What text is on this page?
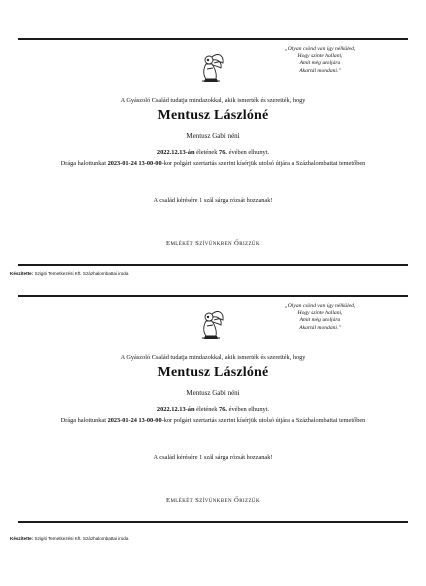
„Olyan csönd van így nélküled,
Hogy szinte hallani,
Amit még utoljára
Akartál mondani."
A Gyászoló Család tudatja mindazokkal, akik ismerték és szerették, hogy
Mentusz Lászlóné
Mentusz Gabi néni
2022.12.13-án életének 76. évében elhunyt.
Drága halottunkat 2023-01-24 13-00-00-kor polgári szertartás szerint kísérjük utolsó útjára a Százhalombattai temetőben
A család kérésére 1 szál sárga rózsát hozzanak!
Emlékét Szívünkben Őrizzük
Készítette: Szigiti Temetkezési Kft. Százhalombattai iroda
„Olyan csönd van így nélküled,
Hogy szinte hallani,
Amit még utoljára
Akartál mondani."
A Gyászoló Család tudatja mindazokkal, akik ismerték és szerették, hogy
Mentusz Lászlóné
Mentusz Gabi néni
2022.12.13-án életének 76. évében elhunyt.
Drága halottunkat 2023-01-24 13-00-00-kor polgári szertartás szerint kísérjük utolsó útjára a Százhalombattai temetőben
A család kérésére 1 szál sárga rózsát hozzanak!
Emlékét Szívünkben Őrizzük
Készítette: Szigiti Temetkezési Kft. Százhalombattai iroda
